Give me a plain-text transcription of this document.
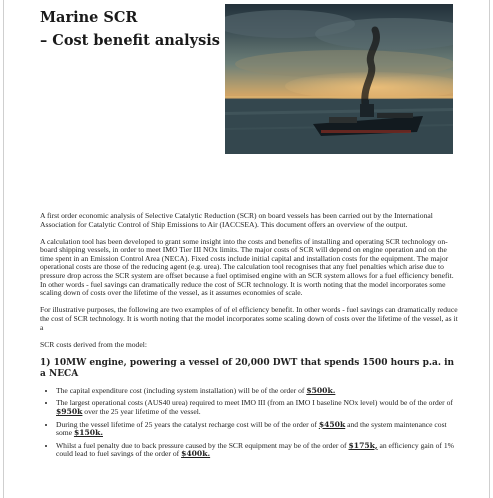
Marine SCR
– Cost benefit analysis

A first order economic analysis of Selective Catalytic Reduction (SCR) on board vessels has been carried out by the International Association for Catalytic Control of Ship Emissions to Air (IACCSEA). This document offers an overview of the output.

A calculation tool has been developed to grant some insight into the costs and benefits of installing and operating SCR technology on-board shipping vessels, in order to meet IMO Tier III NOx limits. The major costs of SCR will depend on engine operation and on the time spent in an Emission Control Area (NECA). Fixed costs include initial capital and installation costs for the equipment. The major operational costs are those of the reducing agent (e.g. urea). The calculation tool recognises that any fuel penalties which arise due to pressure drop across the SCR system are offset because a fuel optimised engine with an SCR system allows for a fuel efficiency benefit. In other words - fuel savings can dramatically reduce the cost of SCR technology. It is worth noting that the model incorporates some scaling down of costs over the lifetime of the vessel, as it assumes economies of scale.

For illustrative purposes, the following are two examples of of el efficiency benefit. In other words - fuel savings can dramatically reduce the cost of SCR technology. It is worth noting that the model incorporates some scaling down of costs over the lifetime of the vessel, as it a

SCR costs derived from the model:

1) 10MW engine, powering a vessel of 20,000 DWT that spends 1500 hours p.a. in a NECA
• The capital expenditure cost (including system installation) will be of the order of $500k.
• The largest operational costs (AUS40 urea) required to meet IMO III (from an IMO I baseline NOx level) would be of the order of $950k over the 25 year lifetime of the vessel.
• During the vessel lifetime of 25 years the catalyst recharge cost will be of the order of $450k and the system maintenance cost some $150k.
• Whilst a fuel penalty due to back pressure caused by the SCR equipment may be of the order of $175k, an efficiency gain of 1% could lead to fuel savings of the order of $400k.
